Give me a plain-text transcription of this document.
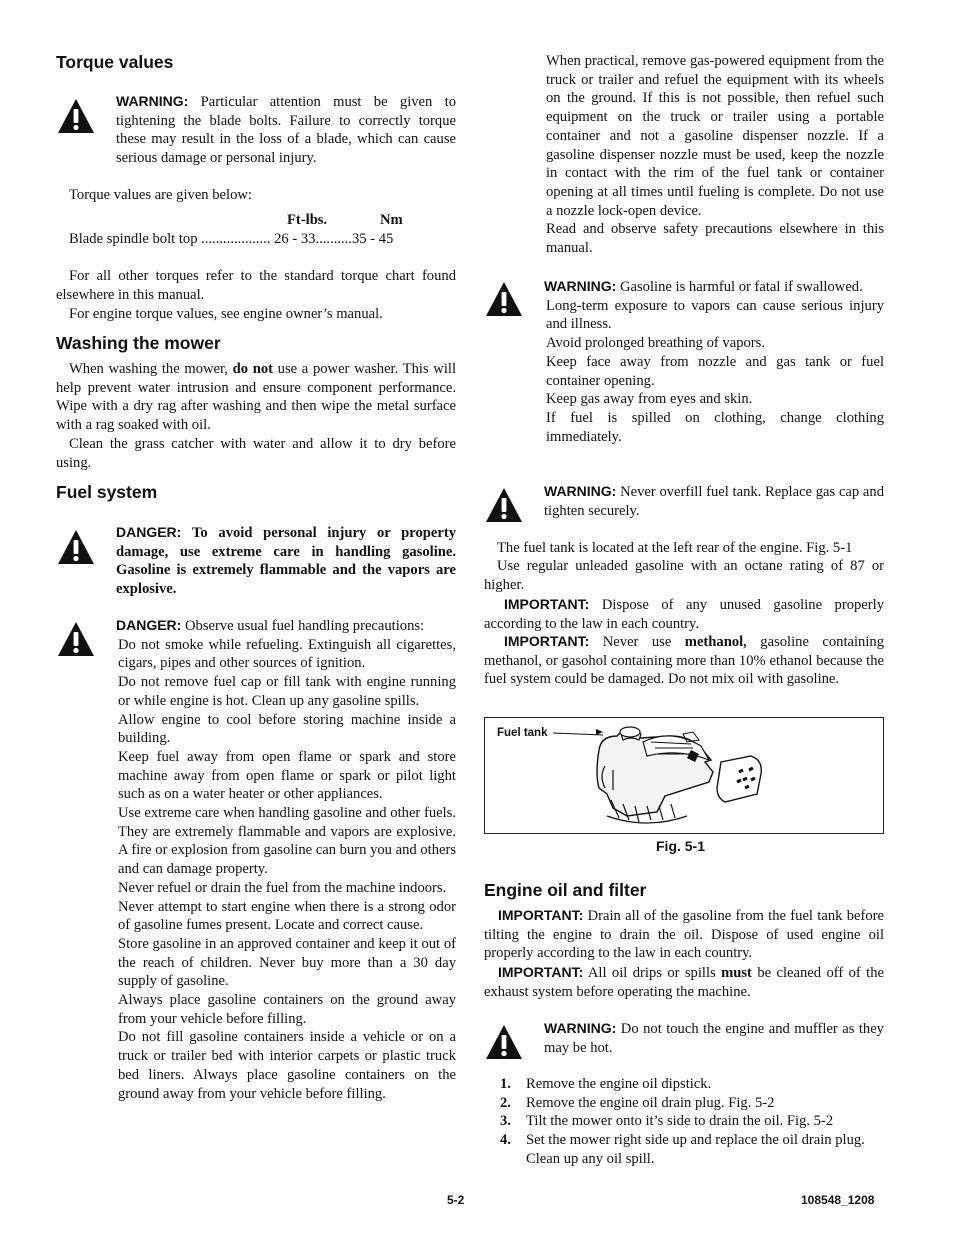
Torque values
WARNING: Particular attention must be given to tightening the blade bolts. Failure to correctly torque these may result in the loss of a blade, which can cause serious damage or personal injury.
Torque values are given below:
Ft-lbs.	Nm
Blade spindle bolt top ................... 26 - 33..........35 - 45
For all other torques refer to the standard torque chart found elsewhere in this manual.
For engine torque values, see engine owner’s manual.
Washing the mower
When washing the mower, do not use a power washer. This will help prevent water intrusion and ensure component performance. Wipe with a dry rag after washing and then wipe the metal surface with a rag soaked with oil.
Clean the grass catcher with water and allow it to dry before using.
Fuel system
DANGER: To avoid personal injury or property damage, use extreme care in handling gasoline. Gasoline is extremely flammable and the vapors are explosive.
DANGER: Observe usual fuel handling precautions:
Do not smoke while refueling. Extinguish all cigarettes, cigars, pipes and other sources of ignition.
Do not remove fuel cap or fill tank with engine running or while engine is hot. Clean up any gasoline spills.
Allow engine to cool before storing machine inside a building.
Keep fuel away from open flame or spark and store machine away from open flame or spark or pilot light such as on a water heater or other appliances.
Use extreme care when handling gasoline and other fuels. They are extremely flammable and vapors are explosive. A fire or explosion from gasoline can burn you and others and can damage property.
Never refuel or drain the fuel from the machine indoors.
Never attempt to start engine when there is a strong odor of gasoline fumes present. Locate and correct cause.
Store gasoline in an approved container and keep it out of the reach of children. Never buy more than a 30 day supply of gasoline.
Always place gasoline containers on the ground away from your vehicle before filling.
Do not fill gasoline containers inside a vehicle or on a truck or trailer bed with interior carpets or plastic truck bed liners. Always place gasoline containers on the ground away from your vehicle before filling.
When practical, remove gas-powered equipment from the truck or trailer and refuel the equipment with its wheels on the ground. If this is not possible, then refuel such equipment on the truck or trailer using a portable container and not a gasoline dispenser nozzle. If a gasoline dispenser nozzle must be used, keep the nozzle in contact with the rim of the fuel tank or container opening at all times until fueling is complete. Do not use a nozzle lock-open device.
Read and observe safety precautions elsewhere in this manual.
WARNING: Gasoline is harmful or fatal if swallowed.
Long-term exposure to vapors can cause serious injury and illness.
Avoid prolonged breathing of vapors.
Keep face away from nozzle and gas tank or fuel container opening.
Keep gas away from eyes and skin.
If fuel is spilled on clothing, change clothing immediately.
WARNING: Never overfill fuel tank. Replace gas cap and tighten securely.
The fuel tank is located at the left rear of the engine. Fig. 5-1
Use regular unleaded gasoline with an octane rating of 87 or higher.
IMPORTANT: Dispose of any unused gasoline properly according to the law in each country.
IMPORTANT: Never use methanol, gasoline containing methanol, or gasohol containing more than 10% ethanol because the fuel system could be damaged. Do not mix oil with gasoline.
Fuel tank
Fig. 5-1
Engine oil and filter
IMPORTANT: Drain all of the gasoline from the fuel tank before tilting the engine to drain the oil. Dispose of used engine oil properly according to the law in each country.
IMPORTANT: All oil drips or spills must be cleaned off of the exhaust system before operating the machine.
WARNING: Do not touch the engine and muffler as they may be hot.
1. Remove the engine oil dipstick.
2. Remove the engine oil drain plug. Fig. 5-2
3. Tilt the mower onto it’s side to drain the oil. Fig. 5-2
4. Set the mower right side up and replace the oil drain plug. Clean up any oil spill.
5-2	108548_1208
